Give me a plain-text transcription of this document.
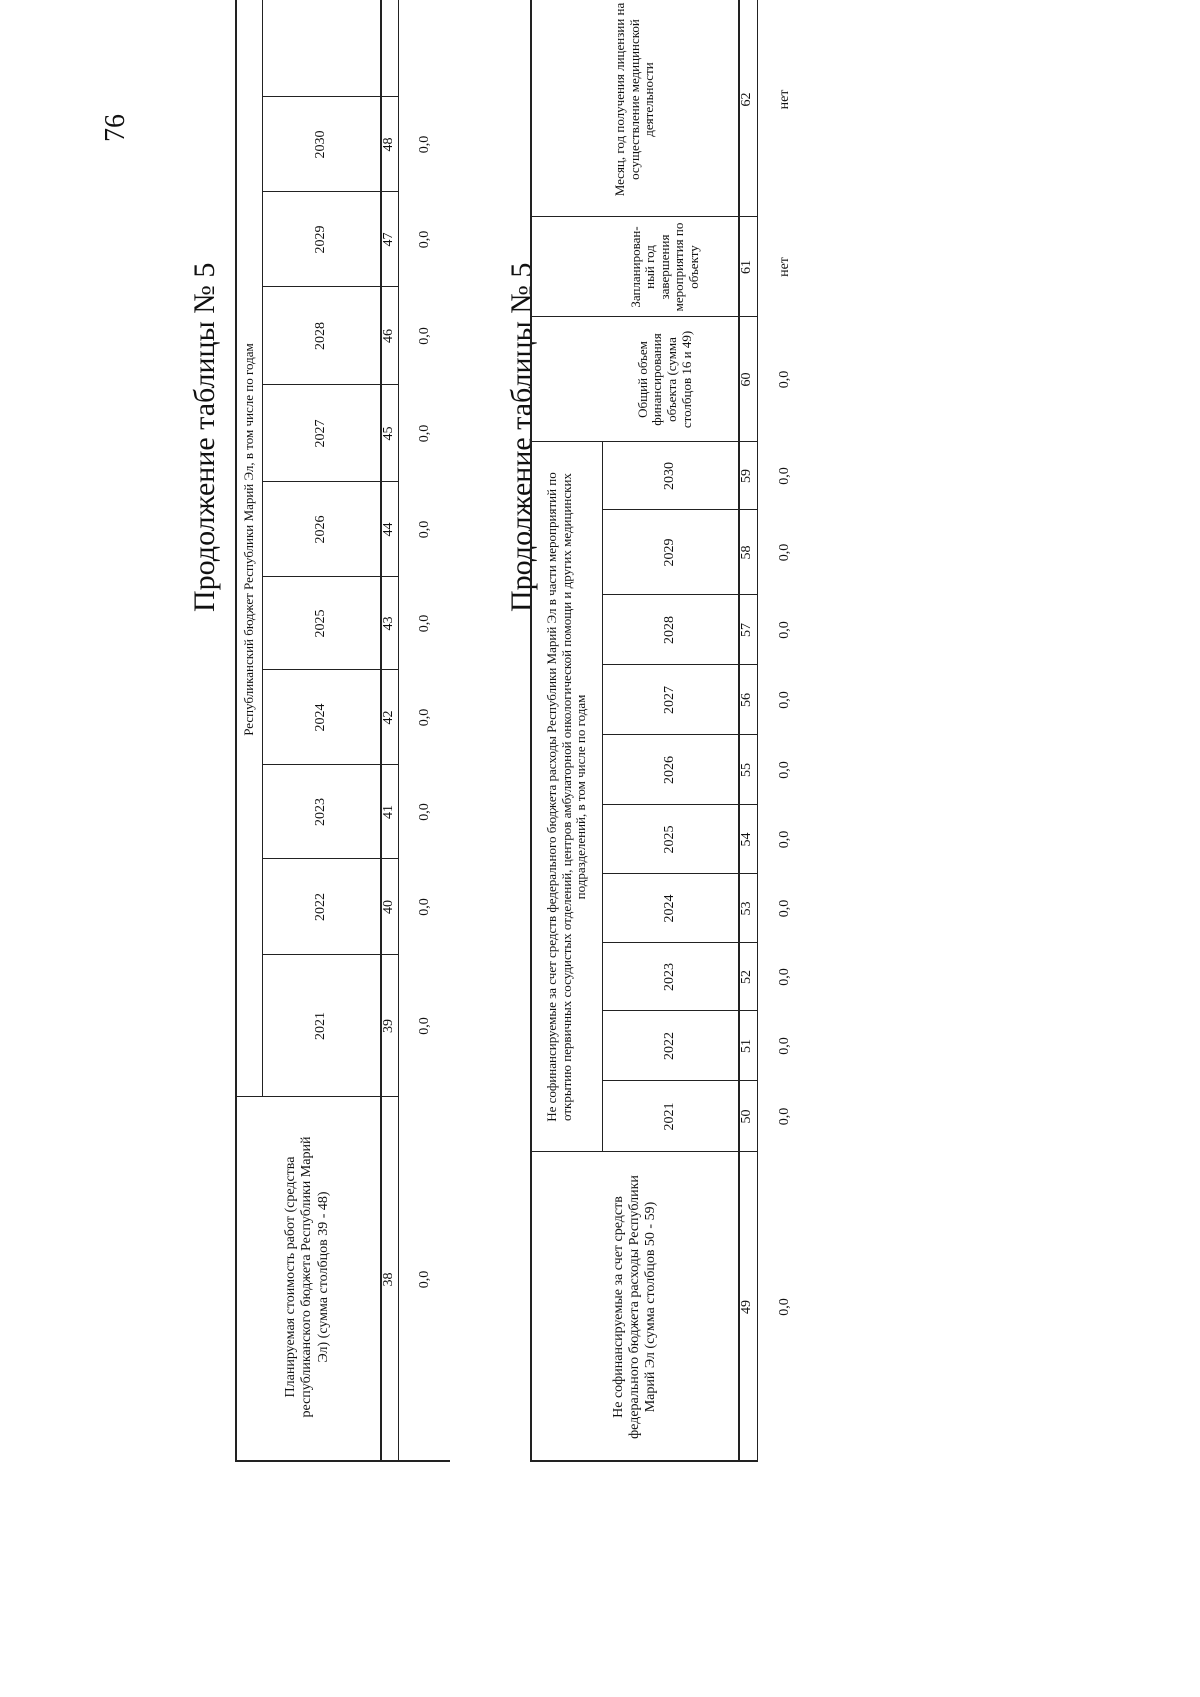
76
Продолжение таблицы № 5	Продолжение таблицы № 5
Планируемая стоимость работ (средства республиканского бюджета Республики Марий Эл) (сумма столбцов 39 - 48)
Республиканский бюджет Республики Марий Эл, в том числе по годам
2021
2022
2023
2024
2025
2026
2027
2028
2029
2030
38
39
40
41
42
43
44
45
46
47
48
0,0
0,0
0,0
0,0
0,0
0,0
0,0
0,0
0,0
0,0
0,0
Не софинансируемые за счет средств федерального бюджета расходы Республики Марий Эл (сумма столбцов 50 - 59)
Не софинансируемые за счет средств федерального бюджета расходы Республики Марий Эл в части мероприятий по открытию первичных сосудистых отделений, центров амбулаторной онкологической помощи и других медицинских подразделений, в том числе по годам
2021
2022
2023
2024
2025
2026
2027
2028
2029
2030
Общий объем финансирования объекта (сумма столбцов 16 и 49)
Запланирован-ный год завершения мероприятия по объекту
Месяц, год получения лицензии на осуществление медицинской деятельности
49
50
51
52
53
54
55
56
57
58
59
60
61
62
0,0
0,0
0,0
0,0
0,0
0,0
0,0
0,0
0,0
0,0
0,0
0,0
нет
нет
